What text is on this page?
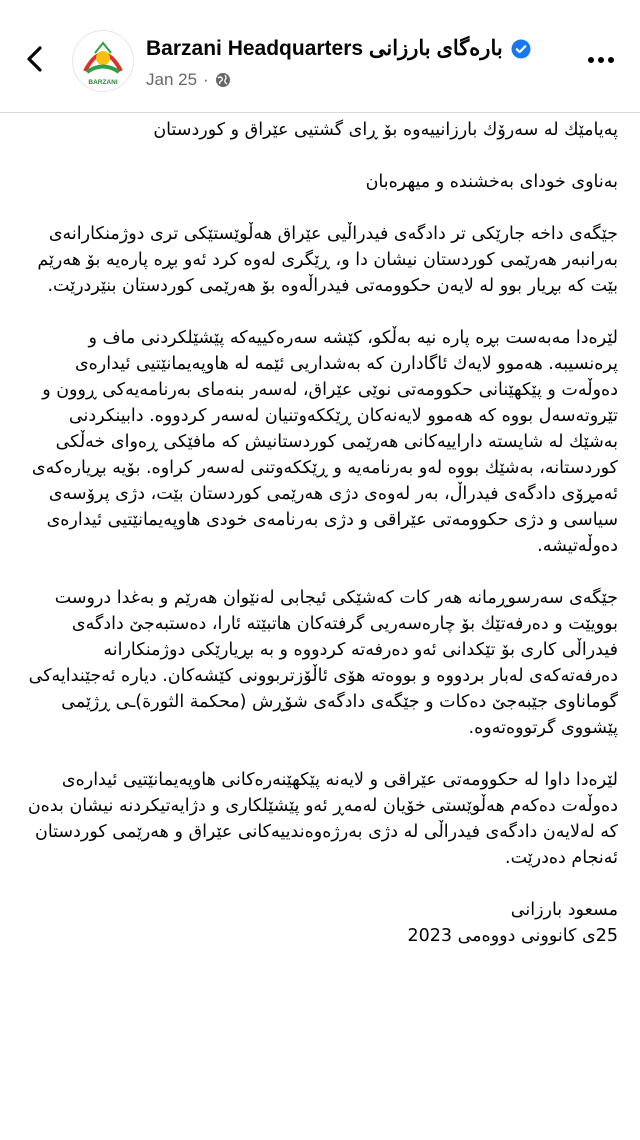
BARZANI
Barzani Headquarters بارەگای بارزانی
Jan 25 ·

پەیامێك لە سەرۆك بارزانییەوە بۆ ڕای گشتیی عێراق و كوردستان

بەناوی خودای بەخشندە و میهرەبان

جێگەی داخە جارێکی تر دادگەی فیدراڵیی عێراق هەڵوێستێکی تری دوژمنکارانەی بەرانبەر هەرێمی کوردستان نیشان دا و، ڕێگری لەوە کرد ئەو بڕە پارەیە بۆ هەرێم بێت کە بڕیار بوو لە لایەن حکوومەتی فیدراڵەوە بۆ هەرێمی کوردستان بنێردرێت.

لێرەدا مەبەست بڕە پارە نیە بەڵکو، کێشە سەرەکییەکە پێشێلکردنی ماف و پرەنسیبە. هەموو لایەك ئاگادارن كە بەشداریی ئێمە لە هاوپەیمانێتیی ئیدارەی دەوڵەت و پێکهێنانی حکوومەتی نوێی عێراق، لەسەر بنەمای بەرنامەیەکی ڕوون و تێروتەسەل بووە کە هەموو لایەنەکان ڕێککەوتنیان لەسەر کردووە. دابینکردنی بەشێك لە شایستە داراییەکانی هەرێمی کوردستانیش کە مافێکی ڕەوای خەڵکی کوردستانە، بەشێك بووە لەو بەرنامەیە و ڕێككەوتنی لەسەر كراوە. بۆیە بڕیارەکەی ئەمڕۆی دادگەی فیدراڵ، بەر لەوەی دژی هەرێمی کوردستان بێت، دژی پرۆسەی سیاسی و دژی حکوومەتی عێراقی و دژی بەرنامەی خودی هاوپەیمانێتیی ئیدارەی دەوڵەتیشە.

جێگەی سەرسوڕمانە هەر کات کەشێکی ئیجابی لەنێوان هەرێم و بەغدا دروست بوویێت و دەرفەتێك بۆ چارەسەریی گرفتەکان هاتبێتە ئارا، دەستبەجێ دادگەی فیدراڵی کاری بۆ تێکدانی ئەو دەرفەتە کردووە و بە بڕیارێکی دوژمنکارانە دەرفەتەکەی لەبار بردووە و بووەتە هۆی ئاڵۆزتربوونی کێشەکان. دیارە ئەجێندایەکی گوماناوی جێبەجێ دەکات و جێگەی دادگەی شۆڕش (محكمة الثورة)ـی ڕژێمی پێشووی گرتووەتەوە.

لێرەدا داوا لە حکوومەتی عێراقی و لایەنە پێکهێنەرەکانی هاوپەیمانێتیی ئیدارەی دەوڵەت دەکەم هەڵوێستی خۆیان لەمەڕ ئەو پێشێلکاری و دژایەتیکردنە نیشان بدەن کە لەلایەن دادگەی فیدراڵی لە دژی بەرژەوەندییەکانی عێراق و هەرێمی کوردستان ئەنجام دەدرێت.

مسعود بارزانی
25ی کانوونی دووەمی 2023
